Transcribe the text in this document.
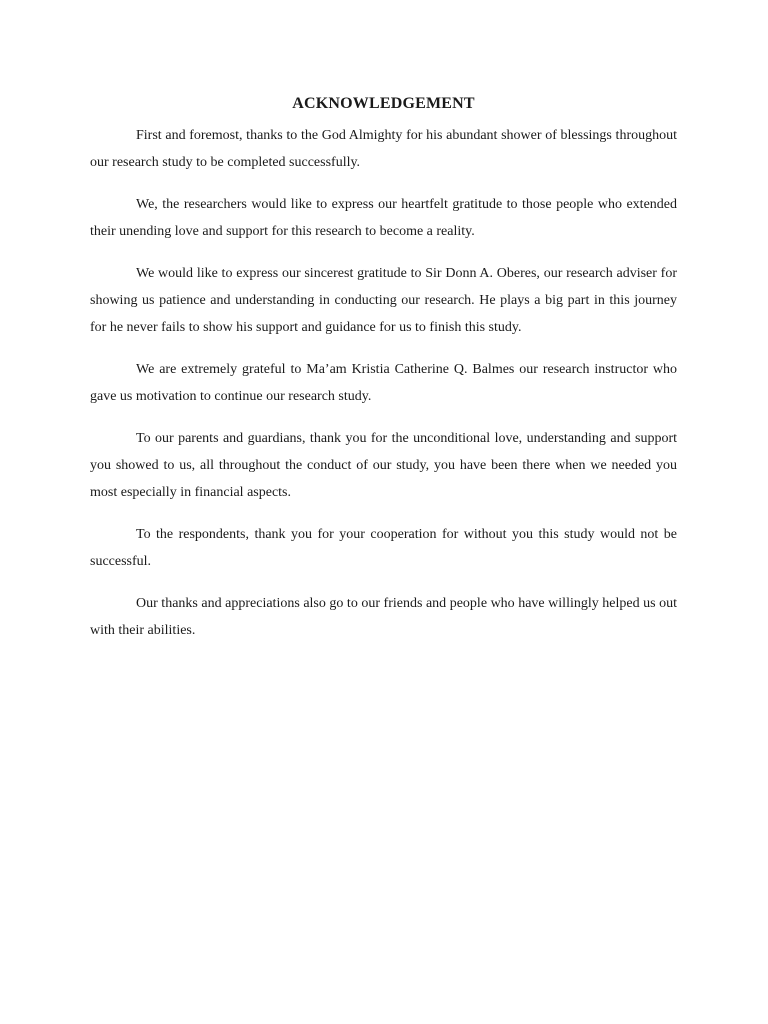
ACKNOWLEDGEMENT

First and foremost, thanks to the God Almighty for his abundant shower of blessings throughout our research study to be completed successfully.

We, the researchers would like to express our heartfelt gratitude to those people who extended their unending love and support for this research to become a reality.

We would like to express our sincerest gratitude to Sir Donn A. Oberes, our research adviser for showing us patience and understanding in conducting our research. He plays a big part in this journey for he never fails to show his support and guidance for us to finish this study.

We are extremely grateful to Ma’am Kristia Catherine Q. Balmes our research instructor who gave us motivation to continue our research study.

To our parents and guardians, thank you for the unconditional love, understanding and support you showed to us, all throughout the conduct of our study, you have been there when we needed you most especially in financial aspects.

To the respondents, thank you for your cooperation for without you this study would not be successful.

Our thanks and appreciations also go to our friends and people who have willingly helped us out with their abilities.
